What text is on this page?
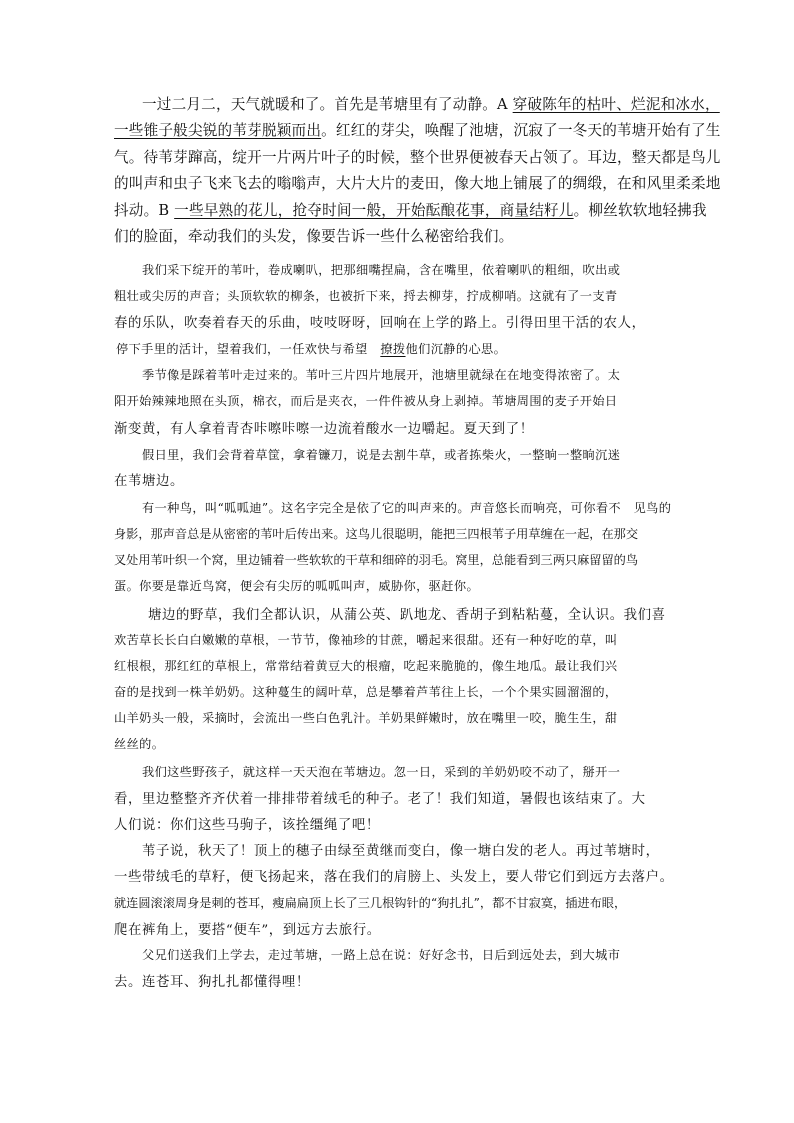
一过二月二，天气就暖和了。首先是苇塘里有了动静。A 穿破陈年的枯叶、烂泥和冰水，
一些锥子般尖锐的苇芽脱颖而出。红红的芽尖，唤醒了池塘，沉寂了一冬天的苇塘开始有了生
气。待苇芽蹿高，绽开一片两片叶子的时候，整个世界便被春天占领了。耳边，整天都是鸟儿
的叫声和虫子飞来飞去的嗡嗡声，大片大片的麦田，像大地上铺展了的绸缎，在和风里柔柔地
抖动。B 一些早熟的花儿，抢夺时间一般，开始酝酿花事，商量结籽儿。柳丝软软地轻拂我
们的脸面，牵动我们的头发，像要告诉一些什么秘密给我们。
我们采下绽开的苇叶，卷成喇叭，把那细嘴捏扁，含在嘴里，依着喇叭的粗细，吹出或
粗壮或尖厉的声音；头顶软软的柳条，也被折下来，捋去柳芽，拧成柳哨。这就有了一支青
春的乐队，吹奏着春天的乐曲，吱吱呀呀，回响在上学的路上。引得田里干活的农人，
停下手里的活计，望着我们，一任欢快与希望　撩拨他们沉静的心思。
季节像是踩着苇叶走过来的。苇叶三片四片地展开，池塘里就绿在在地变得浓密了。太
阳开始辣辣地照在头顶，棉衣，而后是夹衣，一件件被从身上剥掉。苇塘周围的麦子开始日
渐变黄，有人拿着青杏咔嚓咔嚓一边流着酸水一边嚼起。夏天到了！
假日里，我们会背着草筐，拿着镰刀，说是去割牛草，或者拣柴火，一整晌一整晌沉迷
在苇塘边。
有一种鸟，叫“呱呱迪”。这名字完全是依了它的叫声来的。声音悠长而响亮，可你看不　见鸟的
身影，那声音总是从密密的苇叶后传出来。这鸟儿很聪明，能把三四根苇子用草缠在一起，在那交
叉处用苇叶织一个窝，里边铺着一些软软的干草和细碎的羽毛。窝里，总能看到三两只麻留留的鸟
蛋。你要是靠近鸟窝，便会有尖厉的呱呱叫声，威胁你，驱赶你。
塘边的野草，我们全都认识，从蒲公英、趴地龙、香胡子到粘粘蔓，全认识。我们喜
欢苦草长长白白嫩嫩的草根，一节节，像袖珍的甘蔗，嚼起来很甜。还有一种好吃的草，叫
红根根，那红红的草根上，常常结着黄豆大的根瘤，吃起来脆脆的，像生地瓜。最让我们兴
奋的是找到一株羊奶奶。这种蔓生的阔叶草，总是攀着芦苇往上长，一个个果实圆溜溜的，
山羊奶头一般，采摘时，会流出一些白色乳汁。羊奶果鲜嫩时，放在嘴里一咬，脆生生，甜
丝丝的。
我们这些野孩子，就这样一天天泡在苇塘边。忽一日，采到的羊奶奶咬不动了，掰开一
看，里边整整齐齐伏着一排排带着绒毛的种子。老了！我们知道，暑假也该结束了。大
人们说：你们这些马驹子，该拴缰绳了吧！
苇子说，秋天了！顶上的穗子由绿至黄继而变白，像一塘白发的老人。再过苇塘时，
一些带绒毛的草籽，便飞扬起来，落在我们的肩膀上、头发上，要人带它们到远方去落户。
就连圆滚滚周身是刺的苍耳，瘦扁扁顶上长了三几根钩针的“狗扎扎”，都不甘寂寞，插进布眼，
爬在裤角上，要搭“便车”，到远方去旅行。
父兄们送我们上学去，走过苇塘，一路上总在说：好好念书，日后到远处去，到大城市
去。连苍耳、狗扎扎都懂得哩！
